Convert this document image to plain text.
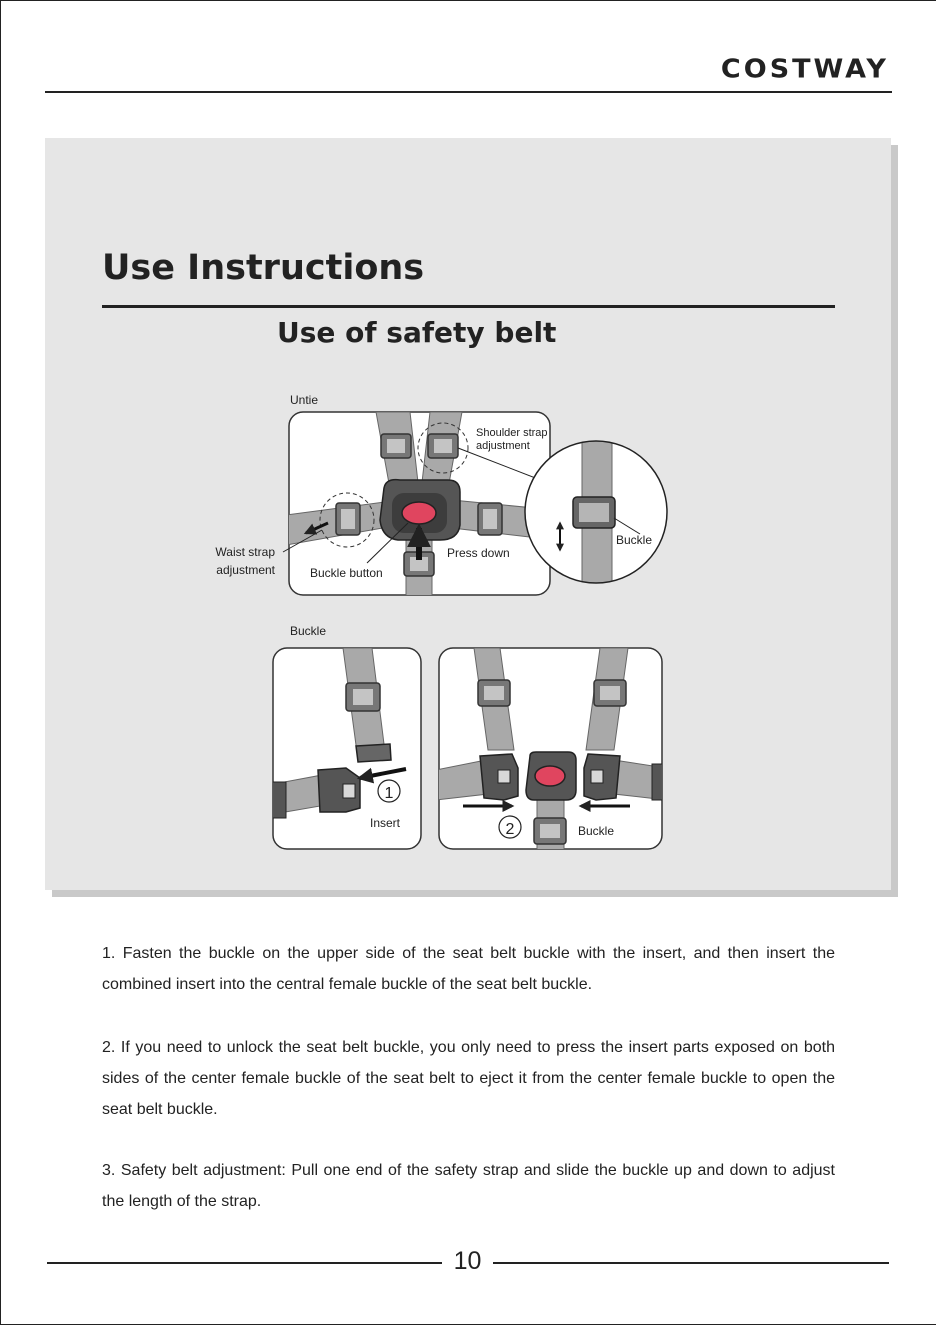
COSTWAY
Use Instructions
Use of safety belt
Untie
Shoulder strap
adjustment
Waist strap
adjustment	Buckle button
Press down
Buckle
Buckle
1
Insert	2	Buckle

1. Fasten the buckle on the upper side of the seat belt buckle with the insert, and then insert the combined insert into the central female buckle of the seat belt buckle.

2. If you need to unlock the seat belt buckle, you only need to press the insert parts exposed on both sides of the center female buckle of the seat belt to eject it from the center female buckle to open the seat belt buckle.

3. Safety belt adjustment: Pull one end of the safety strap and slide the buckle up and down to adjust the length of the strap.

10
